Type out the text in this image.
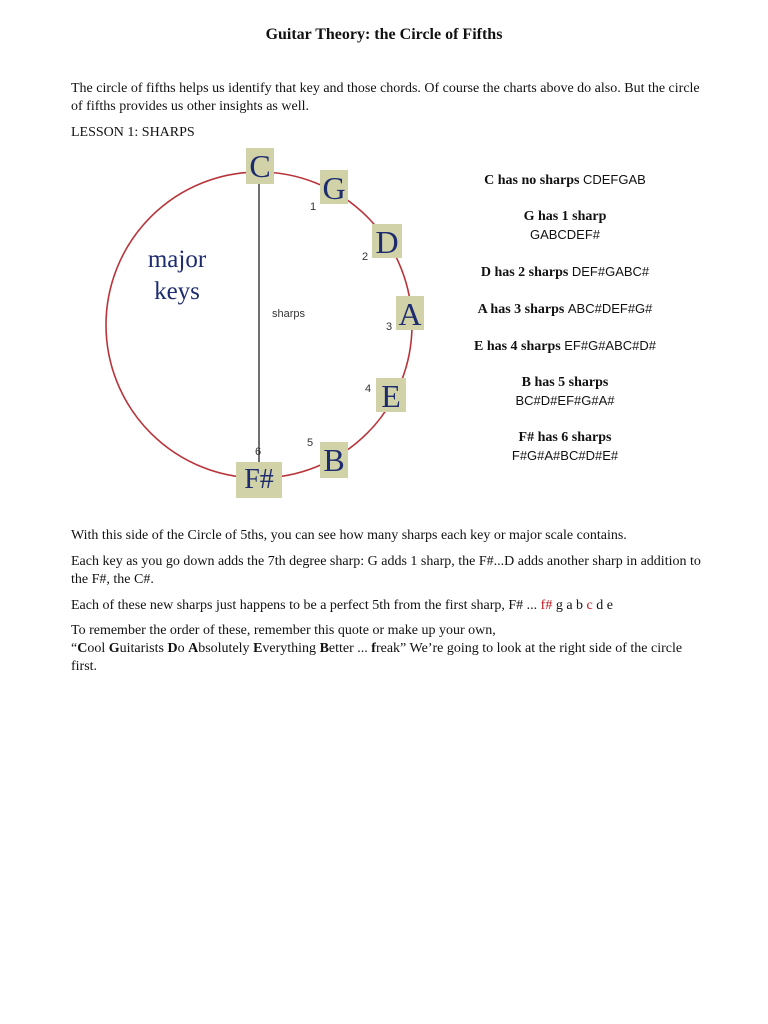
Guitar Theory: the Circle of Fifths
The circle of fifths helps us identify that key and those chords. Of course the charts above do also. But the circle of fifths provides us other insights as well.
LESSON 1: SHARPS
C
G
D
A
E
B
F#
1
2
3
4
5
6
major
keys
sharps
C has no sharps CDEFGAB
G has 1 sharp
GABCDEF#
D has 2 sharps DEF#GABC#
A has 3 sharps ABC#DEF#G#
E has 4 sharps EF#G#ABC#D#
B has 5 sharps
BC#D#EF#G#A#
F# has 6 sharps
F#G#A#BC#D#E#
With this side of the Circle of 5ths, you can see how many sharps each key or major scale contains.
Each key as you go down adds the 7th degree sharp: G adds 1 sharp, the F#...D adds another sharp in addition to the F#, the C#.
Each of these new sharps just happens to be a perfect 5th from the first sharp, F# ... f# g a b c d e
To remember the order of these, remember this quote or make up your own,
“Cool Guitarists Do Absolutely Everything Better ... freak” We’re going to look at the right side of the circle first.
